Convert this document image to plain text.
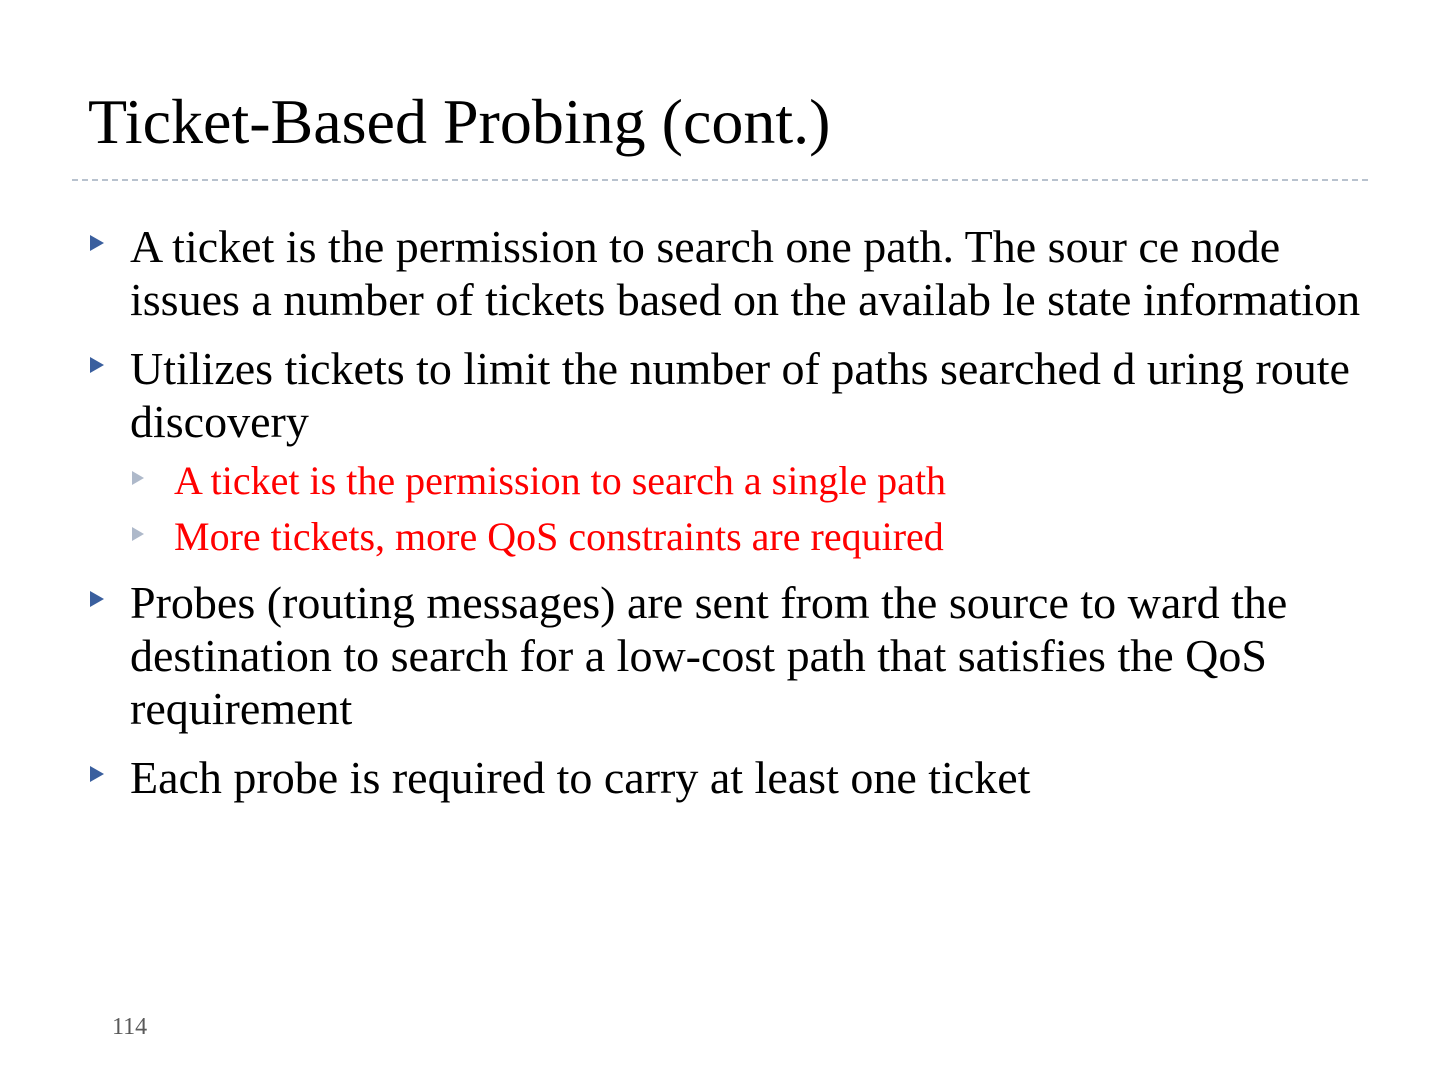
Ticket-Based Probing (cont.)
A ticket is the permission to search one path. The sour ce node issues a number of tickets based on the availab le state information
Utilizes tickets to limit the number of paths searched d uring route discovery
A ticket is the permission to search a single path
More tickets, more QoS constraints are required
Probes (routing messages) are sent from the source to ward the destination to search for a low-cost path that satisfies the QoS requirement
Each probe is required to carry at least one ticket
114
